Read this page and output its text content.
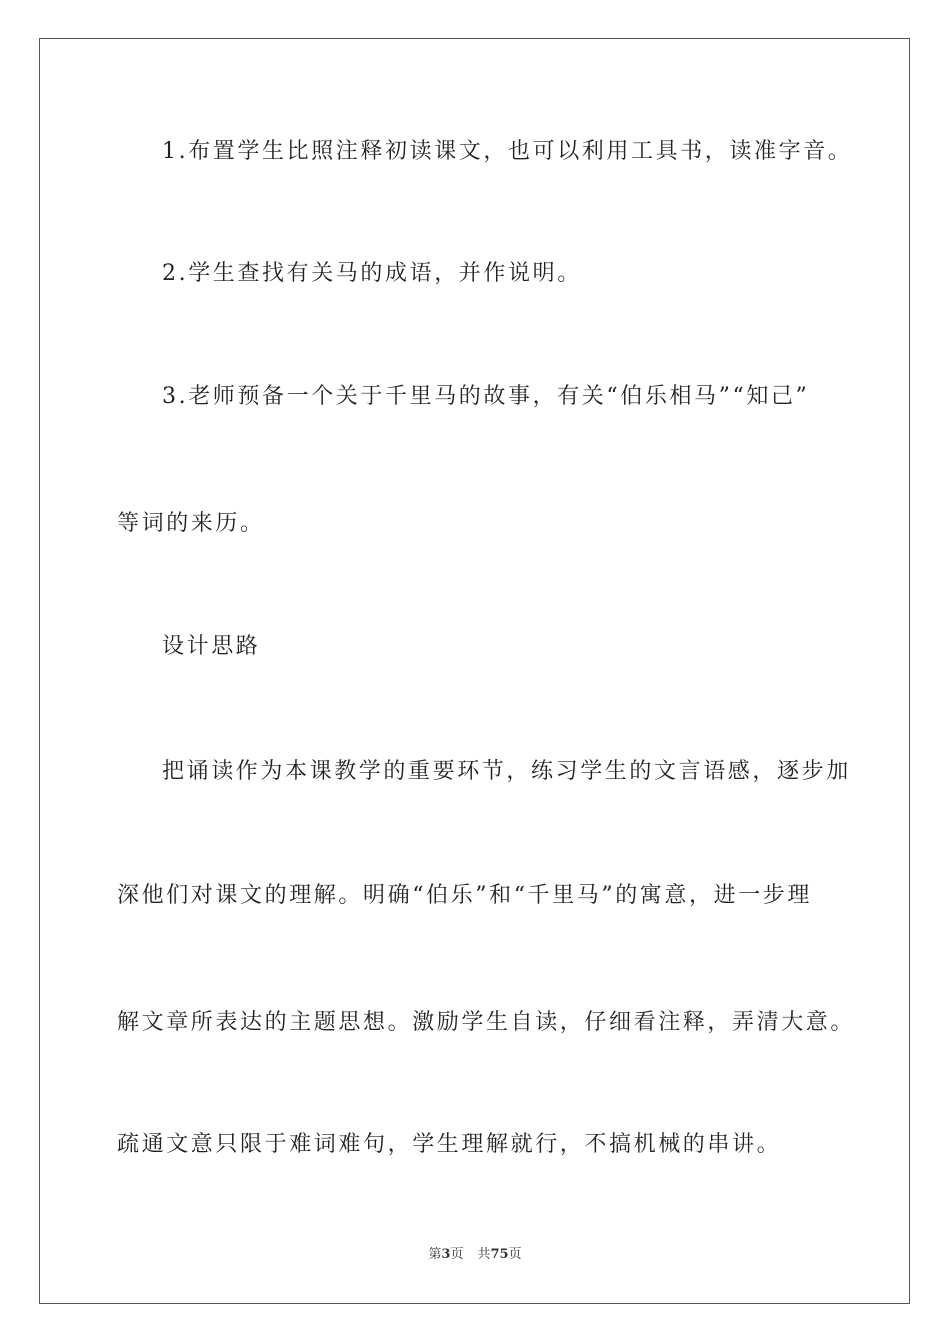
1.布置学生比照注释初读课文，也可以利用工具书，读准字音。
2.学生查找有关马的成语，并作说明。
3.老师预备一个关于千里马的故事，有关“伯乐相马”“知己”
等词的来历。
设计思路
把诵读作为本课教学的重要环节，练习学生的文言语感，逐步加
深他们对课文的理解。明确“伯乐”和“千里马”的寓意，进一步理
解文章所表达的主题思想。激励学生自读，仔细看注释，弄清大意。
疏通文意只限于难词难句，学生理解就行，不搞机械的串讲。
第3页 共75页
